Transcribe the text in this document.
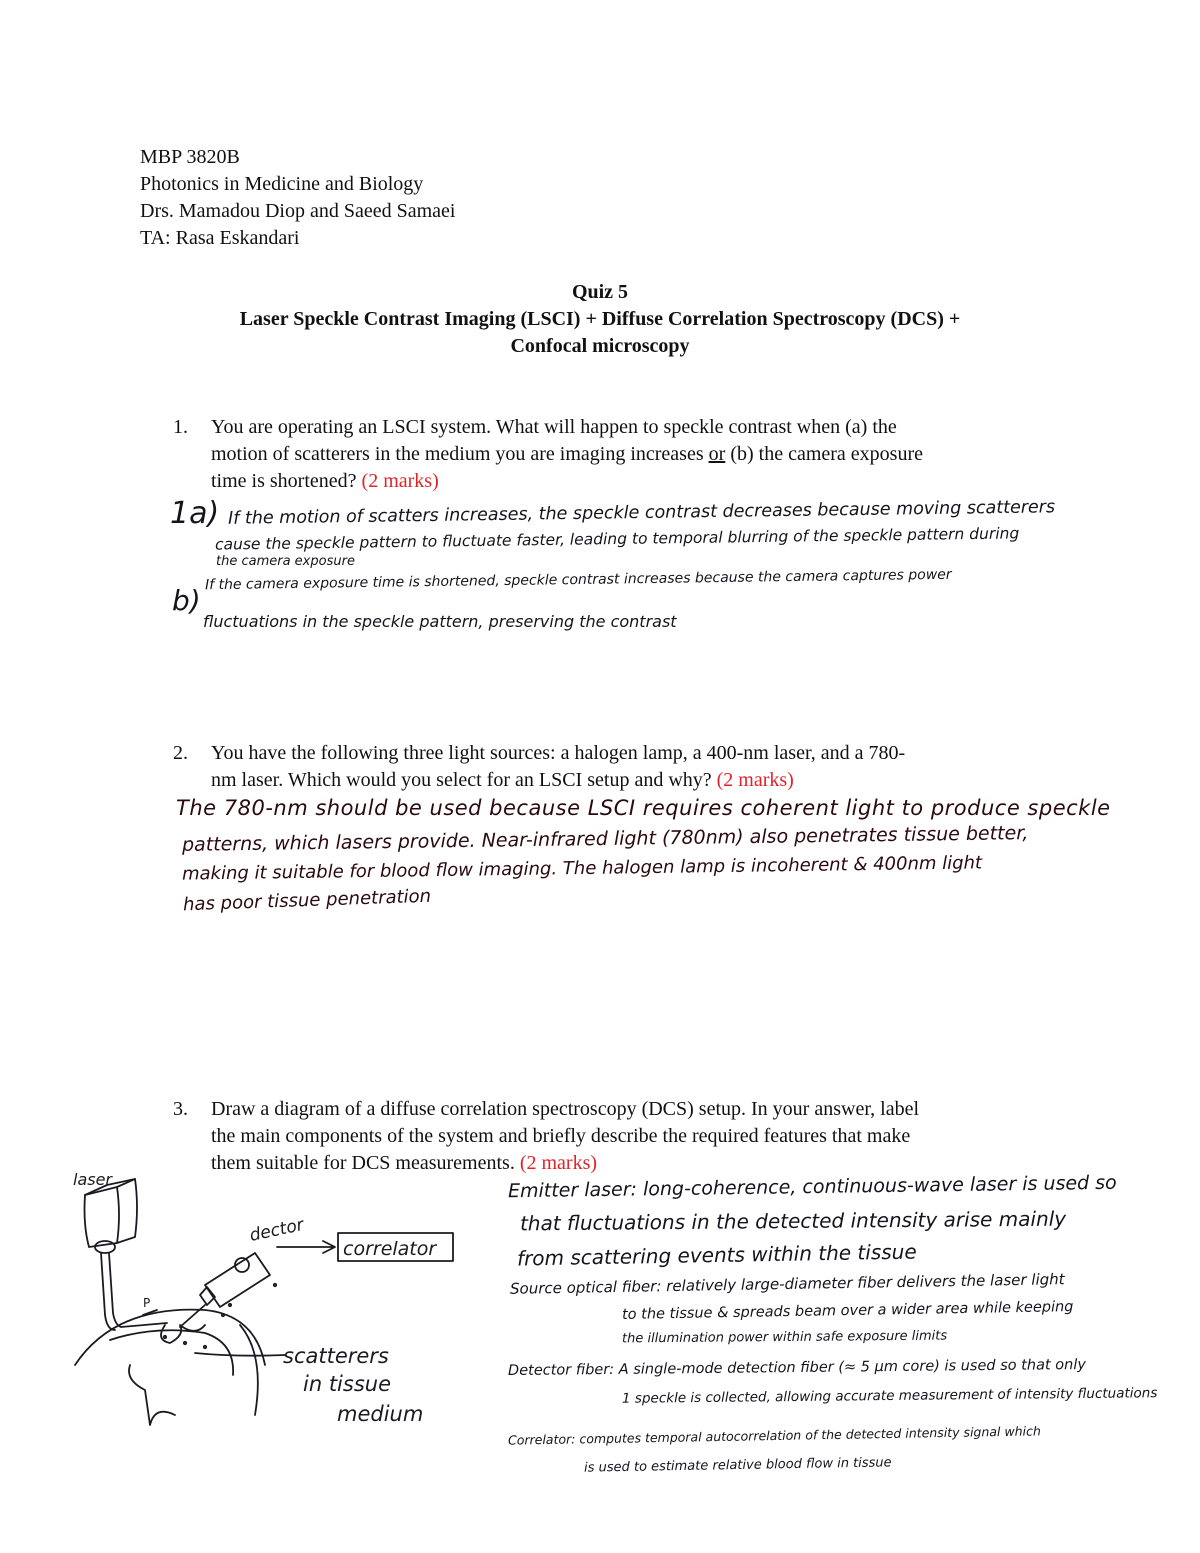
MBP 3820B
Photonics in Medicine and Biology
Drs. Mamadou Diop and Saeed Samaei
TA: Rasa Eskandari
Quiz 5
Laser Speckle Contrast Imaging (LSCI) + Diffuse Correlation Spectroscopy (DCS) +
Confocal microscopy
1. You are operating an LSCI system. What will happen to speckle contrast when (a) the
motion of scatterers in the medium you are imaging increases or (b) the camera exposure
time is shortened? (2 marks)
1a) If the motion of scatters increases, the speckle contrast decreases because moving scatterers
cause the speckle pattern to fluctuate faster, leading to temporal blurring of the speckle pattern during
the camera exposure
b)
If the camera exposure time is shortened, speckle contrast increases because the camera captures power
fluctuations in the speckle pattern, preserving the contrast
2. You have the following three light sources: a halogen lamp, a 400-nm laser, and a 780-
nm laser. Which would you select for an LSCI setup and why? (2 marks)
The 780-nm should be used because LSCI requires coherent light to produce speckle
patterns, which lasers provide. Near-infrared light (780nm) also penetrates tissue better,
making it suitable for blood flow imaging. The halogen lamp is incoherent & 400nm light
has poor tissue penetration
3. Draw a diagram of a diffuse correlation spectroscopy (DCS) setup. In your answer, label
the main components of the system and briefly describe the required features that make
them suitable for DCS measurements. (2 marks)
laser
dector
correlator
P
scatterers
in tissue
medium
Emitter laser: long-coherence, continuous-wave laser is used so
that fluctuations in the detected intensity arise mainly
from scattering events within the tissue
Source optical fiber: relatively large-diameter fiber delivers the laser light
to the tissue & spreads beam over a wider area while keeping
the illumination power within safe exposure limits
Detector fiber: A single-mode detection fiber (≈ 5 µm core) is used so that only
1 speckle is collected, allowing accurate measurement of intensity fluctuations
Correlator: computes temporal autocorrelation of the detected intensity signal which
is used to estimate relative blood flow in tissue
